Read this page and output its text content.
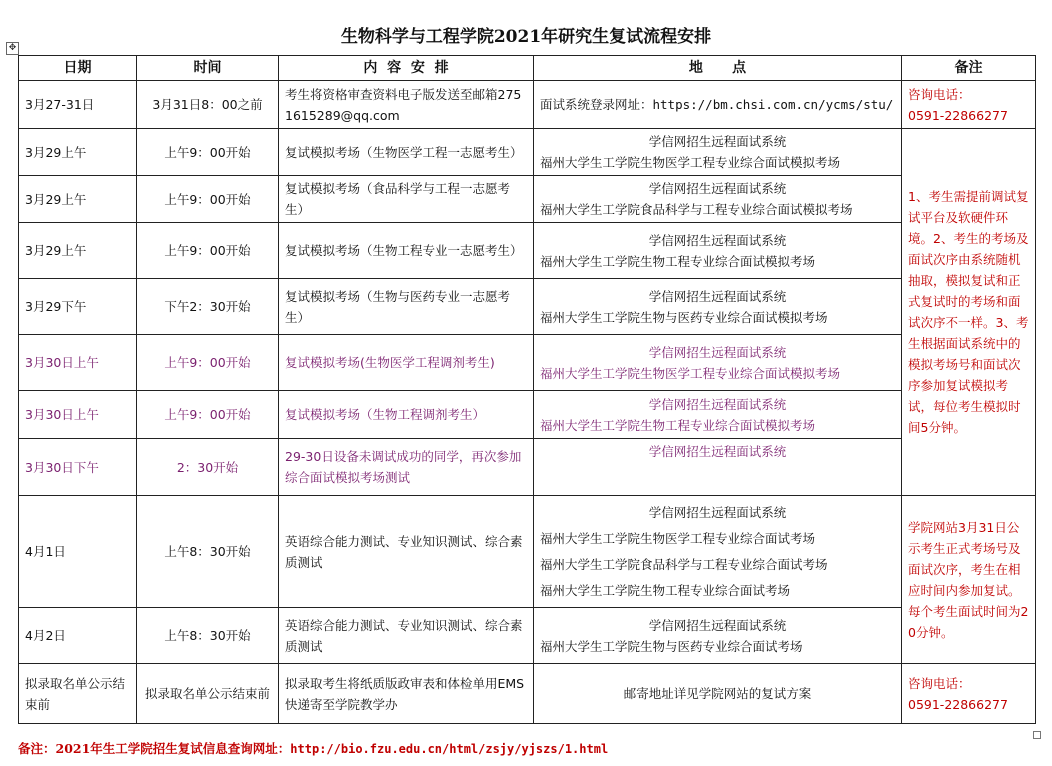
生物科学与工程学院2021年研究生复试流程安排
✥
日期	时间	内  容  安  排	地      点	备注
3月27-31日	3月31日8：00之前	考生将资格审查资料电子版发送至邮箱2751615289@qq.com	面试系统登录网址：https://bm.chsi.com.cn/ycms/stu/	咨询电话：
0591-22866277

3月29上午	上午9：00开始	复试模拟考场（生物医学工程一志愿考生）	学信网招生远程面试系统
福州大学生工学院生物医学工程专业综合面试模拟考场	1、考生需提前调试复试平台及软硬件环境。2、考生的考场及面试次序由系统随机抽取，模拟复试和正式复试时的考场和面试次序不一样。3、考生根据面试系统中的模拟考场号和面试次序参加复试模拟考试，每位考生模拟时间5分钟。
3月29上午	上午9：00开始	复试模拟考场（食品科学与工程一志愿考生）	学信网招生远程面试系统
福州大学生工学院食品科学与工程专业综合面试模拟考场	

3月29上午	上午9：00开始	复试模拟考场（生物工程专业一志愿考生）	学信网招生远程面试系统
福州大学生工学院生物工程专业综合面试模拟考场	

3月29下午	下午2：30开始	复试模拟考场（生物与医药专业一志愿考生）	学信网招生远程面试系统
福州大学生工学院生物与医药专业综合面试模拟考场	

3月30日上午	上午9：00开始	复试模拟考场(生物医学工程调剂考生)	学信网招生远程面试系统
福州大学生工学院生物医学工程专业综合面试模拟考场	

3月30日上午	上午9：00开始	复试模拟考场（生物工程调剂考生）	学信网招生远程面试系统
福州大学生工学院生物工程专业综合面试模拟考场	

3月30日下午	2：30开始	29-30日设备未调试成功的同学，再次参加综合面试模拟考场测试	学信网招生远程面试系统	

4月1日	上午8：30开始	英语综合能力测试、专业知识测试、综合素质测试	学信网招生远程面试系统
福州大学生工学院生物医学工程专业综合面试考场
福州大学生工学院食品科学与工程专业综合面试考场
福州大学生工学院生物工程专业综合面试考场	学院网站3月31日公示考生正式考场号及面试次序，考生在相应时间内参加复试。每个考生面试时间为20分钟。
4月2日	上午8：30开始	英语综合能力测试、专业知识测试、综合素质测试	学信网招生远程面试系统
福州大学生工学院生物与医药专业综合面试考场	

拟录取名单公示结束前	拟录取名单公示结束前	拟录取考生将纸质版政审表和体检单用EMS快递寄至学院教学办	邮寄地址详见学院网站的复试方案	咨询电话：
0591-22866277
备注：2021年生工学院招生复试信息查询网址：http://bio.fzu.edu.cn/html/zsjy/yjszs/1.html
